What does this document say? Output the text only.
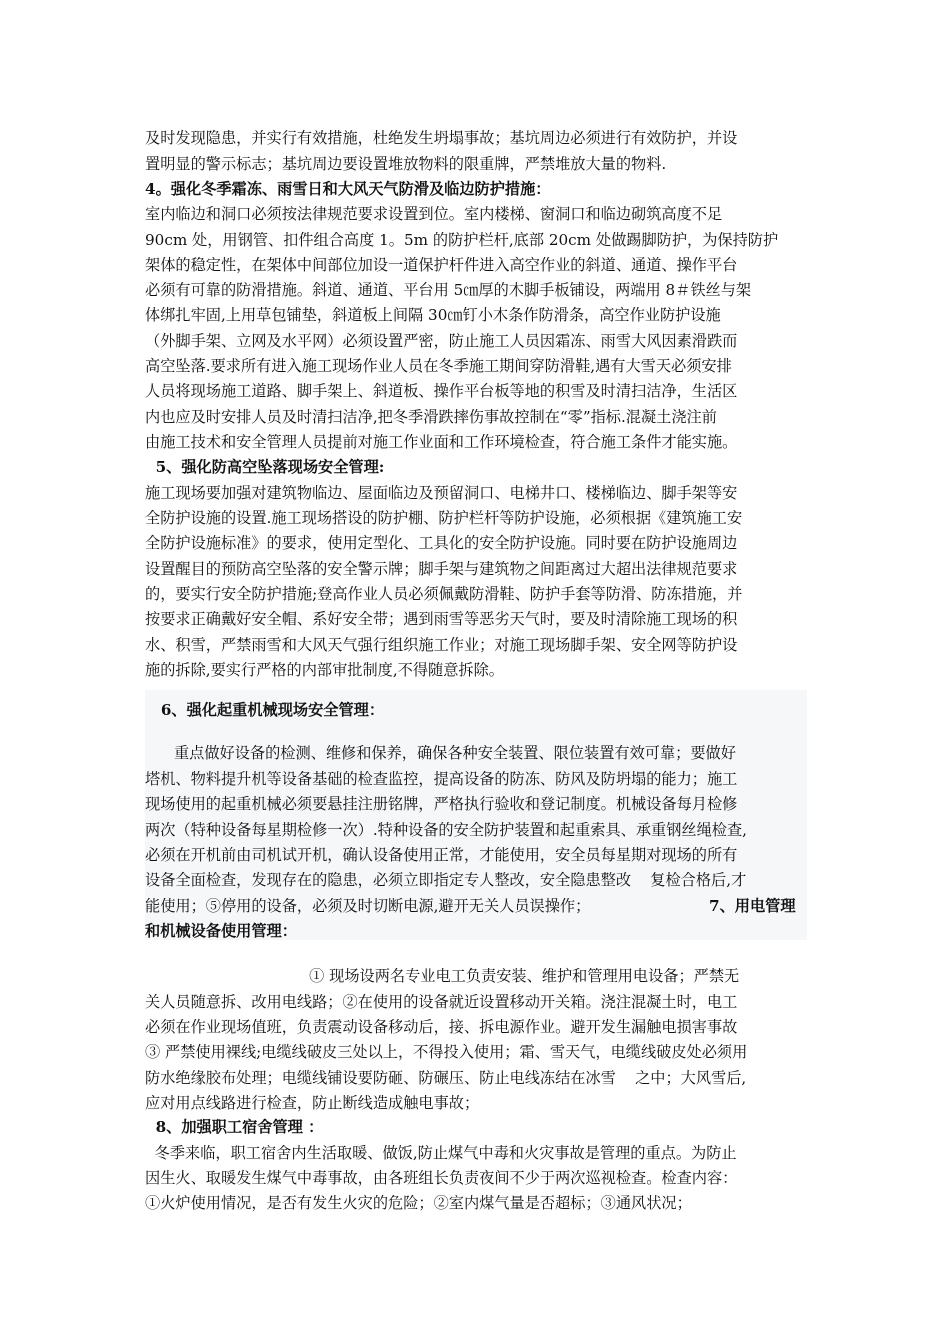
及时发现隐患，并实行有效措施，杜绝发生坍塌事故；基坑周边必须进行有效防护，并设
置明显的警示标志；基坑周边要设置堆放物料的限重牌，严禁堆放大量的物料.
4。强化冬季霜冻、雨雪日和大风天气防滑及临边防护措施：
室内临边和洞口必须按法律规范要求设置到位。室内楼梯、窗洞口和临边砌筑高度不足
90cm 处，用钢管、扣件组合高度 1。5m 的防护栏杆,底部 20cm 处做踢脚防护，为保持防护
架体的稳定性，在架体中间部位加设一道保护杆件进入高空作业的斜道、通道、操作平台
必须有可靠的防滑措施。斜道、通道、平台用 5㎝厚的木脚手板铺设，两端用 8＃铁丝与架
体绑扎牢固,上用草包铺垫，斜道板上间隔 30㎝钉小木条作防滑条，高空作业防护设施
（外脚手架、立网及水平网）必须设置严密，防止施工人员因霜冻、雨雪大风因素滑跌而
高空坠落.要求所有进入施工现场作业人员在冬季施工期间穿防滑鞋,遇有大雪天必须安排
人员将现场施工道路、脚手架上、斜道板、操作平台板等地的积雪及时清扫洁净，生活区
内也应及时安排人员及时清扫洁净,把冬季滑跌摔伤事故控制在“零”指标.混凝土浇注前
由施工技术和安全管理人员提前对施工作业面和工作环境检查，符合施工条件才能实施。
5、强化防高空坠落现场安全管理:
施工现场要加强对建筑物临边、屋面临边及预留洞口、电梯井口、楼梯临边、脚手架等安
全防护设施的设置.施工现场搭设的防护棚、防护栏杆等防护设施，必须根据《建筑施工安
全防护设施标准》的要求，使用定型化、工具化的安全防护设施。同时要在防护设施周边
设置醒目的预防高空坠落的安全警示牌；脚手架与建筑物之间距离过大超出法律规范要求
的，要实行安全防护措施;登高作业人员必须佩戴防滑鞋、防护手套等防滑、防冻措施，并
按要求正确戴好安全帽、系好安全带；遇到雨雪等恶劣天气时，要及时清除施工现场的积
水、积雪，严禁雨雪和大风天气强行组织施工作业；对施工现场脚手架、安全网等防护设
施的拆除,要实行严格的内部审批制度,不得随意拆除。
6、强化起重机械现场安全管理：
重点做好设备的检测、维修和保养，确保各种安全装置、限位装置有效可靠；要做好
塔机、物料提升机等设备基础的检查监控，提高设备的防冻、防风及防坍塌的能力；施工
现场使用的起重机械必须要悬挂注册铭牌，严格执行验收和登记制度。机械设备每月检修
两次（特种设备每星期检修一次）.特种设备的安全防护装置和起重索具、承重钢丝绳检查,
必须在开机前由司机试开机，确认设备使用正常，才能使用，安全员每星期对现场的所有
设备全面检查，发现存在的隐患，必须立即指定专人整改，安全隐患整改    复检合格后,才
能使用；⑤停用的设备，必须及时切断电源,避开无关人员误操作；	7、用电管理
和机械设备使用管理：
① 现场设两名专业电工负责安装、维护和管理用电设备；严禁无
关人员随意拆、改用电线路；②在使用的设备就近设置移动开关箱。浇注混凝土时，电工
必须在作业现场值班，负责震动设备移动后，接、拆电源作业。避开发生漏触电损害事故
③ 严禁使用裸线;电缆线破皮三处以上，不得投入使用；霜、雪天气，电缆线破皮处必须用
防水绝缘胶布处理；电缆线铺设要防砸、防碾压、防止电线冻结在冰雪    之中；大风雪后,
应对用点线路进行检查，防止断线造成触电事故；
8、加强职工宿舍管理 ：
冬季来临，职工宿舍内生活取暖、做饭,防止煤气中毒和火灾事故是管理的重点。为防止
因生火、取暖发生煤气中毒事故，由各班组长负责夜间不少于两次巡视检查。检查内容：
①火炉使用情况，是否有发生火灾的危险；②室内煤气量是否超标；③通风状况；
